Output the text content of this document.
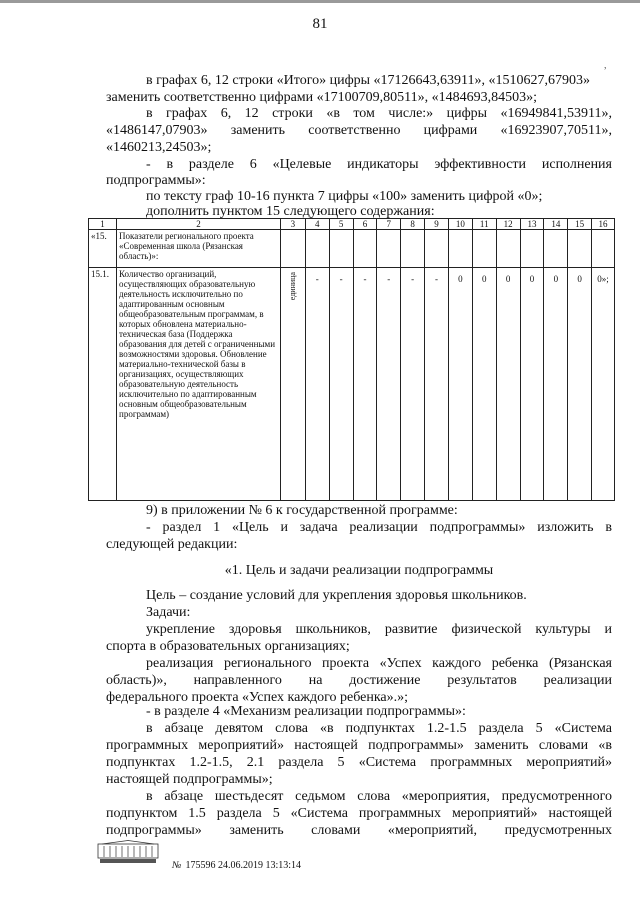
81
,
в графах 6, 12 строки «Итого» цифры «17126643,63911», «1510627,67903»
заменить соответственно цифрами «17100709,80511», «1484693,84503»;
в графах 6, 12 строки «в том числе:» цифры «16949841,53911»,
«1486147,07903» заменить соответственно цифрами «16923907,70511»,
«1460213,24503»;
- в разделе 6 «Целевые индикаторы эффективности исполнения
подпрограммы»:
по тексту граф 10-16 пункта 7 цифры «100» заменить цифрой «0»;
дополнить пунктом 15 следующего содержания:
1	2	3	4	5	6	7	8	9	10	11	12	13	14	15	16
«15.	Показатели регионального проекта «Современная школа (Рязанская область)»:														
15.1.	Количество организаций, осуществляющих образовательную деятельность исключительно по адаптированным основным общеобразовательным программам, в которых обновлена материально-техническая база (Поддержка образования для детей с ограниченными возможностями здоровья. Обновление материально-технической базы в организациях, осуществляющих образовательную деятельность исключительно по адаптированным основным общеобразовательным программам)	единица	-	-	-	-	-	-	0	0	0	0	0	0	0»;
9) в приложении № 6 к государственной программе:
- раздел 1 «Цель и задача реализации подпрограммы» изложить в
следующей редакции:
«1. Цель и задачи реализации подпрограммы
Цель – создание условий для укрепления здоровья школьников.
Задачи:
укрепление здоровья школьников, развитие физической культуры и
спорта в образовательных организациях;
реализация регионального проекта «Успех каждого ребенка (Рязанская
область)», направленного на достижение результатов реализации
федерального проекта «Успех каждого ребенка».»;
- в разделе 4 «Механизм реализации подпрограммы»:
в абзаце девятом слова «в подпунктах 1.2-1.5 раздела 5 «Система
программных мероприятий» настоящей подпрограммы» заменить словами «в
подпунктах 1.2-1.5, 2.1 раздела 5 «Система программных мероприятий»
настоящей подпрограммы»;
в абзаце шестьдесят седьмом слова «мероприятия, предусмотренного
подпунктом 1.5 раздела 5 «Система программных мероприятий» настоящей
подпрограммы» заменить словами «мероприятий, предусмотренных
№ 175596 24.06.2019 13:13:14
